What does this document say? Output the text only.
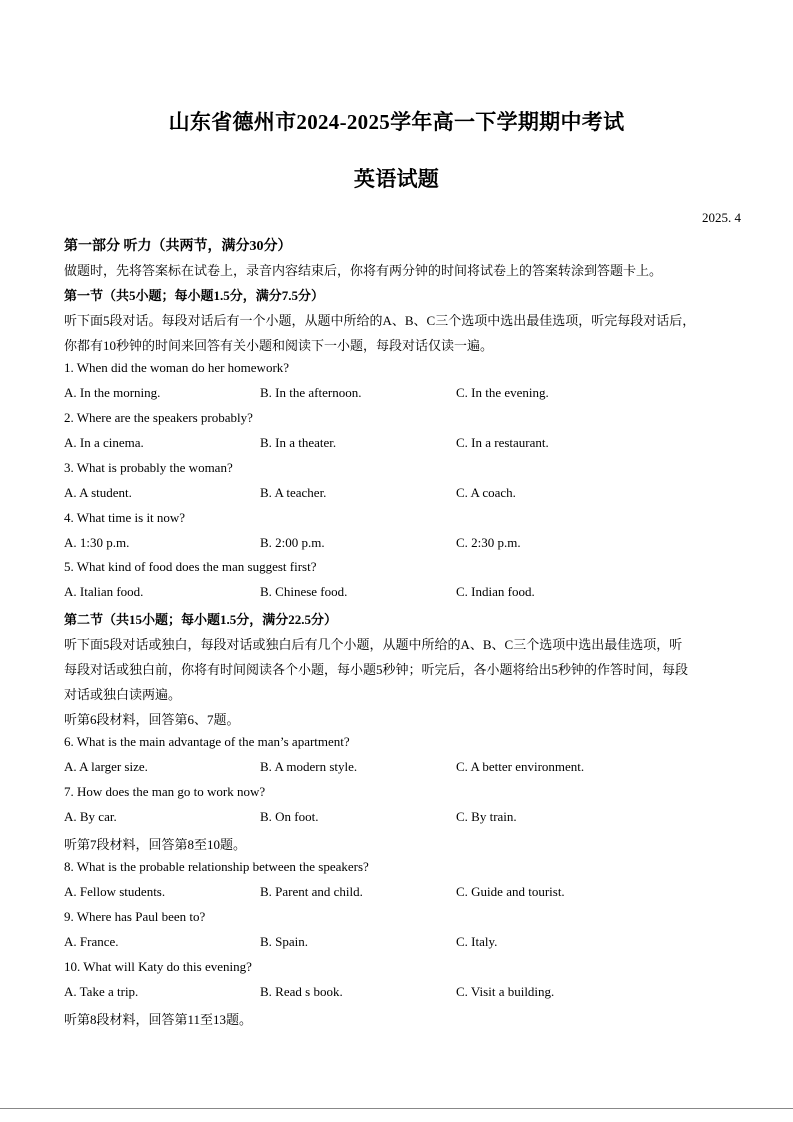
山东省德州市2024-2025学年高一下学期期中考试
英语试题
2025. 4
第一部分 听力（共两节，满分30分）
做题时，先将答案标在试卷上，录音内容结束后，你将有两分钟的时间将试卷上的答案转涂到答题卡上。
第一节（共5小题；每小题1.5分，满分7.5分）
听下面5段对话。每段对话后有一个小题，从题中所给的A、B、C三个选项中选出最佳选项，听完每段对话后，
你都有10秒钟的时间来回答有关小题和阅读下一小题，每段对话仅读一遍。
1. When did the woman do her homework?
A. In the morning.	B. In the afternoon.	C. In the evening.
2. Where are the speakers probably?
A. In a cinema.	B. In a theater.	C. In a restaurant.
3. What is probably the woman?
A. A student.	B. A teacher.	C. A coach.
4. What time is it now?
A. 1:30 p.m.	B. 2:00 p.m.	C. 2:30 p.m.
5. What kind of food does the man suggest first?
A. Italian food.	B. Chinese food.	C. Indian food.
第二节（共15小题；每小题1.5分，满分22.5分）
听下面5段对话或独白，每段对话或独白后有几个小题，从题中所给的A、B、C三个选项中选出最佳选项，听
每段对话或独白前，你将有时间阅读各个小题，每小题5秒钟；听完后，各小题将给出5秒钟的作答时间，每段
对话或独白读两遍。
听第6段材料，回答第6、7题。
6. What is the main advantage of the man’s apartment?
A. A larger size.	B. A modern style.	C. A better environment.
7. How does the man go to work now?
A. By car.	B. On foot.	C. By train.
听第7段材料，回答第8至10题。
8. What is the probable relationship between the speakers?
A. Fellow students.	B. Parent and child.	C. Guide and tourist.
9. Where has Paul been to?
A. France.	B. Spain.	C. Italy.
10. What will Katy do this evening?
A. Take a trip.	B. Read s book.	C. Visit a building.
听第8段材料，回答第11至13题。
